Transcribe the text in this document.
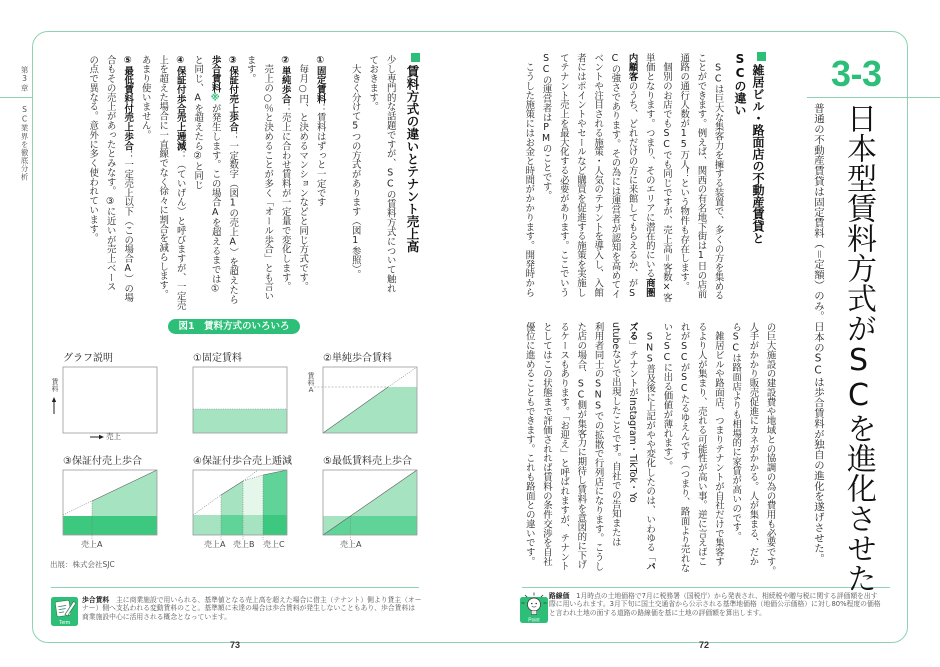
第3章
SC業界を徹底分析
3-3
日本型賃料方式がSCを進化させた
普通の不動産賃貸は固定賃料（＝定額）のみ。日本のSCは歩合賃料が独自の進化を遂げさせた。
雑居ビル・路面店の不動産賃貸と
SCの違い
　SCは巨大な集客力を擁する装置で、多くの方を集める
ことができます。例えば、関西の有名地下街は1日の店前
通路の通行人数が15万人！という物件も存在します。
　個別のお店でもSCでも同じですが、売上高＝客数×客
単価となります。つまり、そのエリアに潜在的にいる商圏
内顧客のうち、どれだけの方に来館してもらえるか、がS
Cの強さであります。その為には運営者が認知を高めてイ
ベントや注目される施策・人気のテナントを導入し、入館
者にはポイントやセールなど購買を促進する施策を実施し
てテナント売上を最大化する必要があります。ここでいう
SCの運営者はPMのことです。
　こうした施策にはお金と時間がかかります。開発時から
の巨大施設の建設費や地域との協調の為の費用も必要です。
人手がかかり販売促進にカネがかかる。人が集まる、だか
らSCは路面店よりも相場的に家賃が高いのです。
　雑居ビルや路面店、つまりテナントが自社だけで集客す
るより人が集まり、売れる可能性が高い事。逆に言えばこ
れがSCがSCたるゆえんです（つまり、路面より売れな
いとSCに出る価値が薄れます）。
　SNS普及後に上記がやや変化したのは、いわゆる「バ
ズる」テナントがInstagram・TikTok・Yo
utubeなどで出現したことです。自社での告知または
利用者同士のSNSでの拡散で行列店になります。こうし
た店の場合、SC側が集客力に期待し賃料を意図的に下げ
るケースもあります。「お迎え」と呼ばれますが、テナント
としてはこの状態まで評価されれば賃料の条件交渉を自社
優位に進めることもできます。これも路面との違いです。
賃料方式の違いとテナント売上高
少し専門的な話題ですが、SCの賃料方式について触れ
ておきます。
　大きく分けて5つの方式があります（図1参照）。
①固定賃料：賃料はずっと一定です
　毎月○円、と決めるマンションなどと同じ方式です。
②単純歩合：売上に合わせ賃料が一定量で変化します。
　売上の○％と決めることが多く「オール歩合」とも言い
ます。
③保証付売上歩合：一定数字（図1の売上A）を超えたら
歩合賃料※が発生します。この場合Aを超えるまでは①
と同じ、Aを超えたら②と同じ
④保証付歩合売上逓減：（ていげん）と呼びますが、一定売
上を超えた場合に一直線でなく徐々に割合を減らします。
あまり使いません。
⑤最低賃料付売上歩合：一定売上以下（この場合A）の場
合もその売上があったとみなす。③に近いが売上ベース
の点で異なる。意外に多く使われています。
図1　賃料方式のいろいろ
グラフ説明	①固定賃料	②単純歩合賃料
③保証付売上歩合	④保証付歩合売上逓減	⑤最低賃料売上歩合
賃料
売上
賃料A
売上A	売上A 売上B 売上C	売上A
出展：株式会社SJC
Term
歩合賃料　主に商業施設で用いられる、基準値となる売上高を超えた場合に借主（テナント）側より貸主（オー
ナー）側へ支払われる変動賃料のこと。基準額に未達の場合は歩合賃料が発生しないこともあり、歩合賃料は
商業施設中心に活用される概念となっています。	Point
路線価　1月時点の土地価格で7月に税務署（国税庁）から発表され、相続税や贈与税に関する評価額を出す
際に用いられます。3月下旬に国土交通省から公示される基準地価格（地価公示価格）に対し80%程度の価格
と言われ土地の面する道路の路線価を基に土地の評価額を算出します。
73	72
